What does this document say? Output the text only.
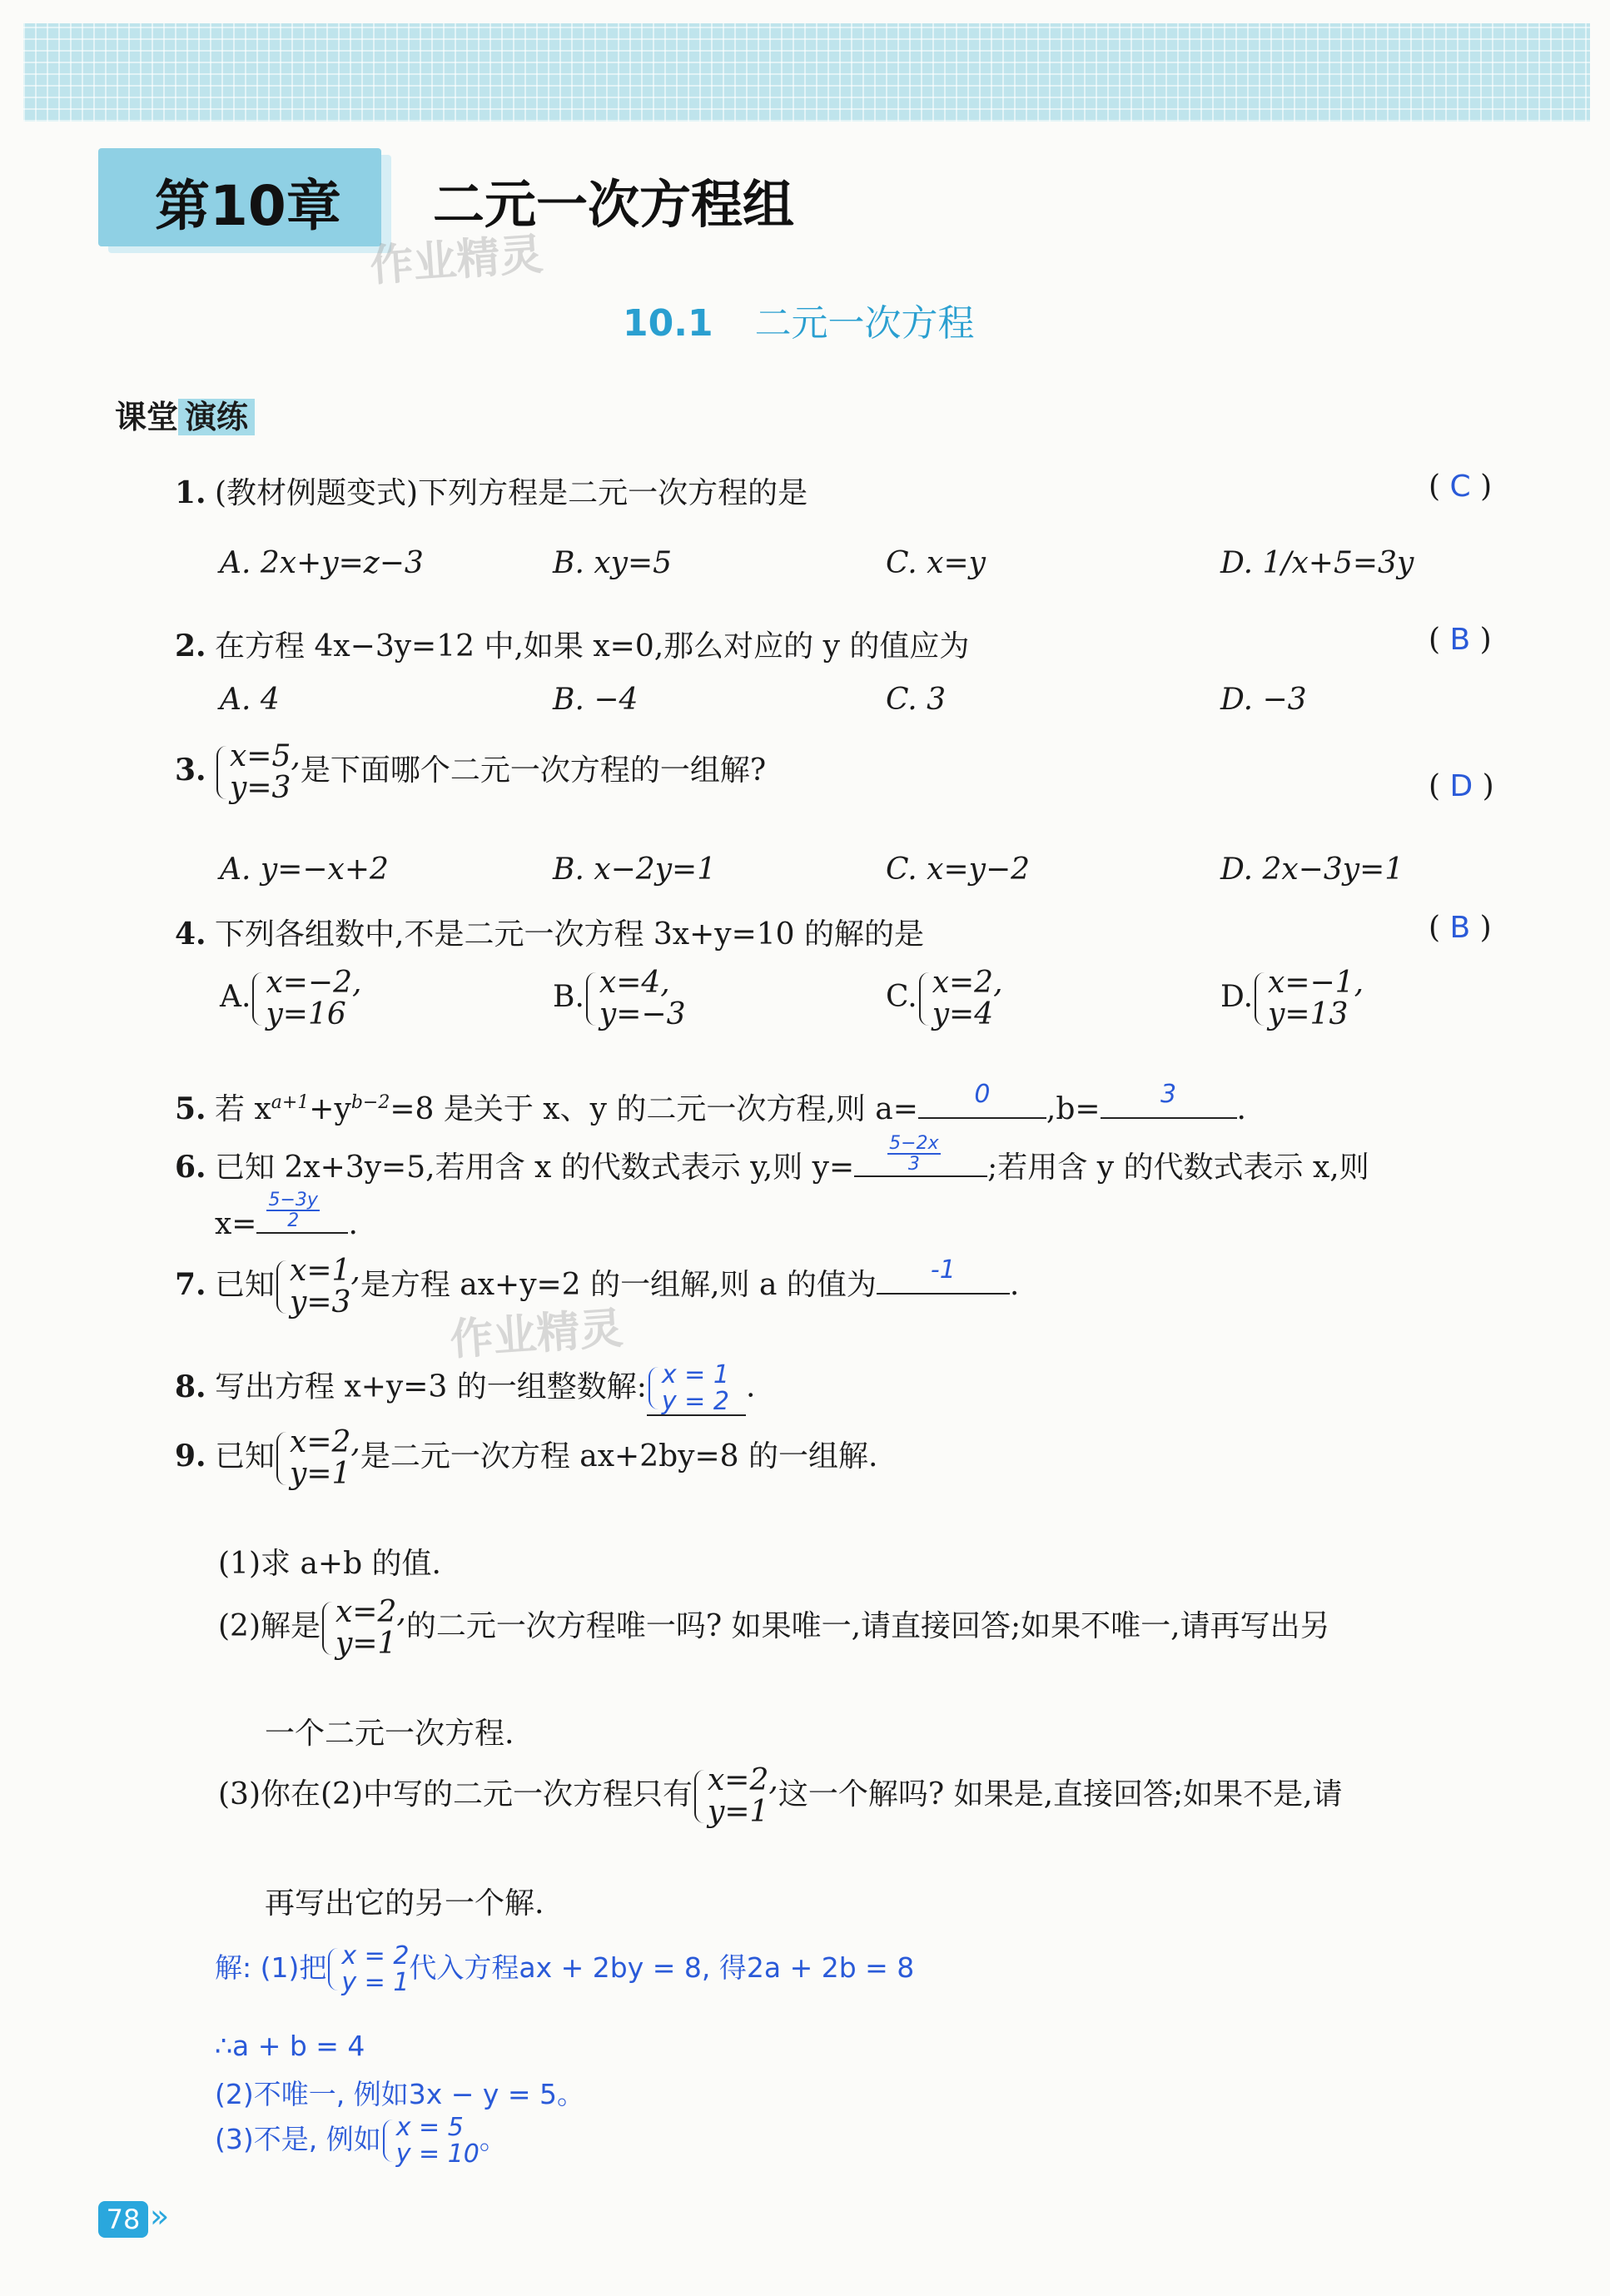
第10章 二元一次方程组
作业精灵
作业精灵
10.1 二元一次方程
课堂 演练
1. (教材例题变式)下列方程是二元一次方程的是	( C )
A. 2x+y=z−3	B. xy=5	C. x=y	D. 1/x+5=3y
2. 在方程 4x−3y=12 中,如果 x=0,那么对应的 y 的值应为	( B )
A. 4	B. −4	C. 3	D. −3
3. x=5,
y=3
是下面哪个二元一次方程的一组解?	( D )
A. y=−x+2	B. x−2y=1	C. x=y−2	D. 2x−3y=1
4. 下列各组数中,不是二元一次方程 3x+y=10 的解的是	( B )
A. x=−2,
y=16
B. x=4,
y=−3
C. x=2,
y=4
D. x=−1,
y=13
5. 若 $x^{a+1}+y^{b-2}=8$ 是关于 x、y 的二元一次方程,则 a=	0	,b=	3	.
6. 已知 2x+3y=5,若用含 x 的代数式表示 y,则 $y= \frac{5-2x}{3}$ ;若用含 y 的代数式表示 x,则
$x= \frac{5-3y}{2}$ .
7. 已知 x=1,
y=3
是方程 ax+y=2 的一组解,则 a 的值为	-1	.
8. 写出方程 x+y=3 的一组整数解: x = 1
y = 2 .
9. 已知 x=2,
y=1
是二元一次方程 ax+2by=8 的一组解.
(1)求 a+b 的值.
(2)解是 x=2,
y=1
的二元一次方程唯一吗? 如果唯一,请直接回答;如果不唯一,请再写出另
一个二元一次方程.
(3)你在(2)中写的二元一次方程只有 x=2,
y=1
这一个解吗? 如果是,直接回答;如果不是,请
再写出它的另一个解.
解: (1)把 x = 2
y = 1 代入方程ax + 2by = 8, 得2a + 2b = 8
∴a + b = 4
(2)不唯一, 例如3x − y = 5。
(3)不是, 例如 x = 5
y = 10 。
78 »
